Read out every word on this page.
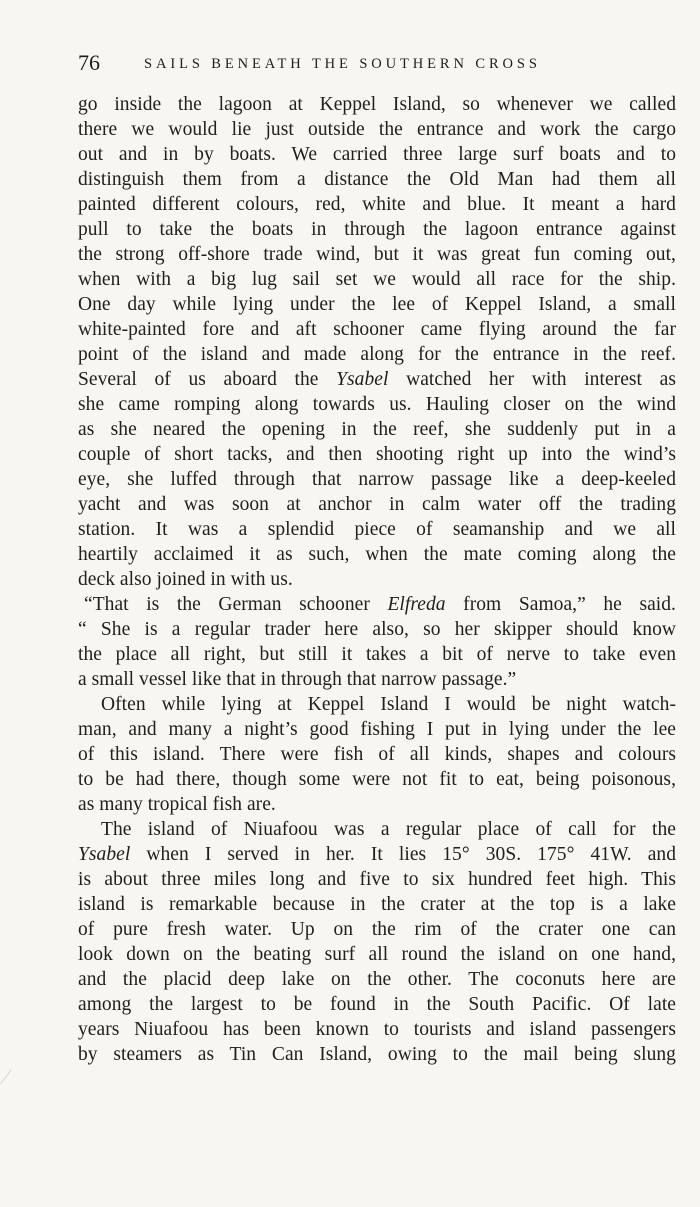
76	SAILS BENEATH THE SOUTHERN CROSS

go inside the lagoon at Keppel Island, so whenever we called
there we would lie just outside the entrance and work the cargo
out and in by boats. We carried three large surf boats and to
distinguish them from a distance the Old Man had them all
painted different colours, red, white and blue. It meant a hard
pull to take the boats in through the lagoon entrance against
the strong off-shore trade wind, but it was great fun coming out,
when with a big lug sail set we would all race for the ship.
One day while lying under the lee of Keppel Island, a small
white-painted fore and aft schooner came flying around the far
point of the island and made along for the entrance in the reef.
Several of us aboard the Ysabel watched her with interest as
she came romping along towards us. Hauling closer on the wind
as she neared the opening in the reef, she suddenly put in a
couple of short tacks, and then shooting right up into the wind’s
eye, she luffed through that narrow passage like a deep-keeled
yacht and was soon at anchor in calm water off the trading
station. It was a splendid piece of seamanship and we all
heartily acclaimed it as such, when the mate coming along the
deck also joined in with us.

“That is the German schooner Elfreda from Samoa,” he said.
“ She is a regular trader here also, so her skipper should know
the place all right, but still it takes a bit of nerve to take even
a small vessel like that in through that narrow passage.”

Often while lying at Keppel Island I would be night watch-
man, and many a night’s good fishing I put in lying under the lee
of this island. There were fish of all kinds, shapes and colours
to be had there, though some were not fit to eat, being poisonous,
as many tropical fish are.

The island of Niuafoou was a regular place of call for the
Ysabel when I served in her. It lies 15° 30S. 175° 41W. and
is about three miles long and five to six hundred feet high. This
island is remarkable because in the crater at the top is a lake
of pure fresh water. Up on the rim of the crater one can
look down on the beating surf all round the island on one hand,
and the placid deep lake on the other. The coconuts here are
among the largest to be found in the South Pacific. Of late
years Niuafoou has been known to tourists and island passengers
by steamers as Tin Can Island, owing to the mail being slung
